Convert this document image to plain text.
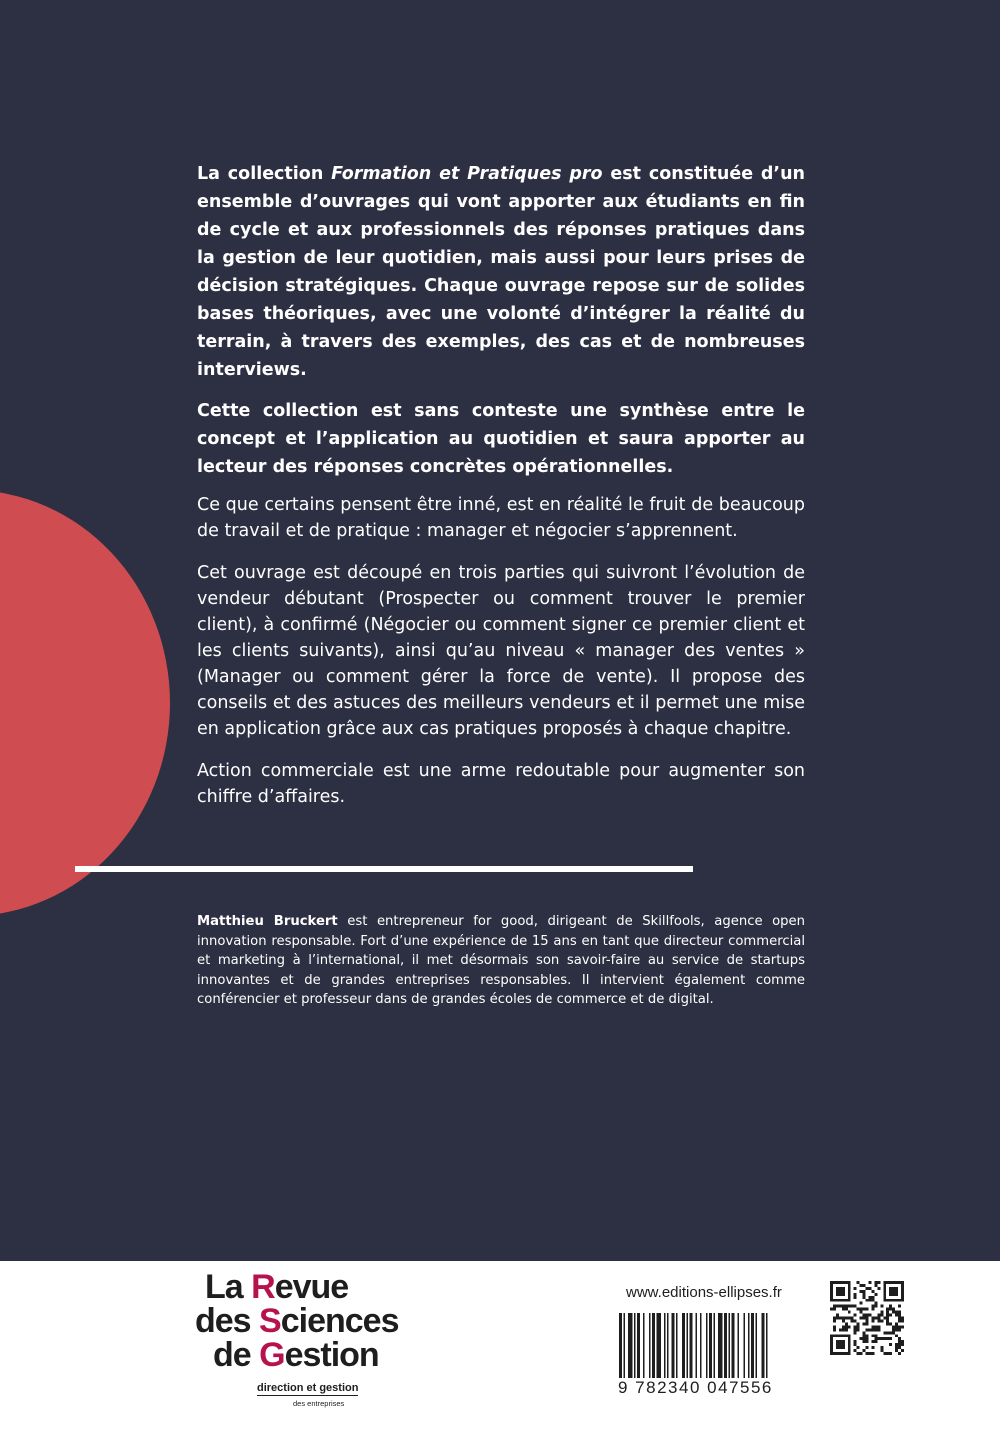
La collection Formation et Pratiques pro est constituée d’un ensemble d’ouvrages qui vont apporter aux étudiants en fin de cycle et aux professionnels des réponses pratiques dans la gestion de leur quotidien, mais aussi pour leurs prises de décision stratégiques. Chaque ouvrage repose sur de solides bases théoriques, avec une volonté d’intégrer la réalité du terrain, à travers des exemples, des cas et de nombreuses interviews.

Cette collection est sans conteste une synthèse entre le concept et l’application au quotidien et saura apporter au lecteur des réponses concrètes opérationnelles.

Ce que certains pensent être inné, est en réalité le fruit de beaucoup de travail et de pratique : manager et négocier s’apprennent.

Cet ouvrage est découpé en trois parties qui suivront l’évolution de vendeur débutant (Prospecter ou comment trouver le premier client), à confirmé (Négocier ou comment signer ce premier client et les clients suivants), ainsi qu’au niveau « manager des ventes » (Manager ou comment gérer la force de vente). Il propose des conseils et des astuces des meilleurs vendeurs et il permet une mise en application grâce aux cas pratiques proposés à chaque chapitre.

Action commerciale est une arme redoutable pour augmenter son chiffre d’affaires.

Matthieu Bruckert est entrepreneur for good, dirigeant de Skillfools, agence open innovation responsable. Fort d’une expérience de 15 ans en tant que directeur commercial et marketing à l’international, il met désormais son savoir-faire au service de startups innovantes et de grandes entreprises responsables. Il intervient également comme conférencier et professeur dans de grandes écoles de commerce et de digital.
La Revue
des Sciences
de Gestion
direction et gestion
des entreprises
www.editions-ellipses.fr
9 782340 047556
